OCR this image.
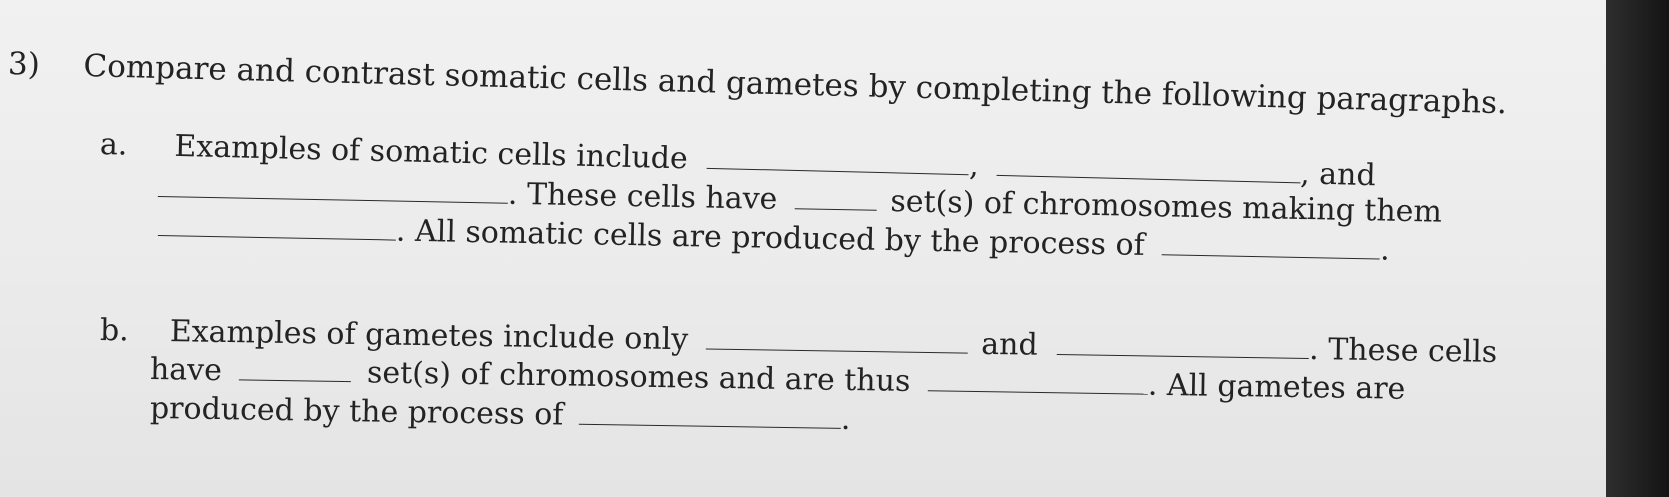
3) Compare and contrast somatic cells and gametes by completing the following paragraphs.
a. Examples of somatic cells include	,	, and
. These cells have	set(s) of chromosomes making them
. All somatic cells are produced by the process of	.
b. Examples of gametes include only	and	. These cells
have	set(s) of chromosomes and are thus	. All gametes are
produced by the process of	.
